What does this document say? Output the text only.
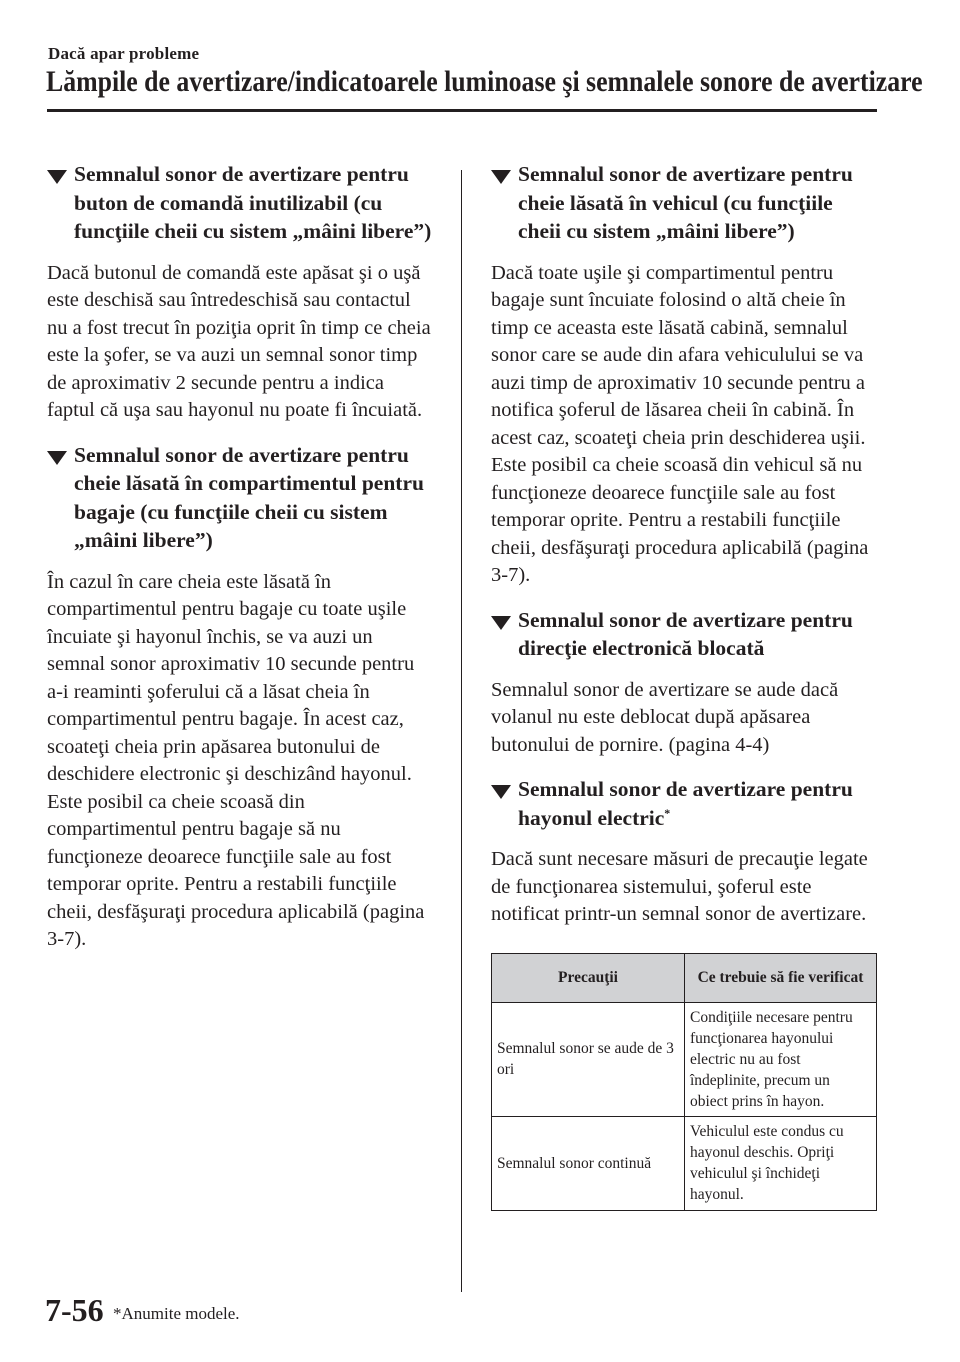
Dacă apar probleme
Lămpile de avertizare/indicatoarele luminoase şi semnalele sonore de avertizare
Semnalul sonor de avertizare pentru buton de comandă inutilizabil (cu funcţiile cheii cu sistem „mâini libere”)

Dacă butonul de comandă este apăsat şi o uşă este deschisă sau întredeschisă sau contactul nu a fost trecut în poziţia oprit în timp ce cheia este la şofer, se va auzi un semnal sonor timp de aproximativ 2 secunde pentru a indica faptul că uşa sau hayonul nu poate fi încuiată.

Semnalul sonor de avertizare pentru cheie lăsată în compartimentul pentru bagaje (cu funcţiile cheii cu sistem „mâini libere”)

În cazul în care cheia este lăsată în compartimentul pentru bagaje cu toate uşile încuiate şi hayonul închis, se va auzi un semnal sonor aproximativ 10 secunde pentru a-i reaminti şoferului că a lăsat cheia în compartimentul pentru bagaje. În acest caz, scoateţi cheia prin apăsarea butonului de deschidere electronic şi deschizând hayonul. Este posibil ca cheie scoasă din compartimentul pentru bagaje să nu funcţioneze deoarece funcţiile sale au fost temporar oprite. Pentru a restabili funcţiile cheii, desfăşuraţi procedura aplicabilă (pagina 3-7).

Semnalul sonor de avertizare pentru cheie lăsată în vehicul (cu funcţiile cheii cu sistem „mâini libere”)

Dacă toate uşile şi compartimentul pentru bagaje sunt încuiate folosind o altă cheie în timp ce aceasta este lăsată cabină, semnalul sonor care se aude din afara vehiculului se va auzi timp de aproximativ 10 secunde pentru a notifica şoferul de lăsarea cheii în cabină. În acest caz, scoateţi cheia prin deschiderea uşii. Este posibil ca cheie scoasă din vehicul să nu funcţioneze deoarece funcţiile sale au fost temporar oprite. Pentru a restabili funcţiile cheii, desfăşuraţi procedura aplicabilă (pagina 3-7).

Semnalul sonor de avertizare pentru direcţie electronică blocată

Semnalul sonor de avertizare se aude dacă volanul nu este deblocat după apăsarea butonului de pornire. (pagina 4-4)

Semnalul sonor de avertizare pentru hayonul electric*

Dacă sunt necesare măsuri de precauţie legate de funcţionarea sistemului, şoferul este notificat printr-un semnal sonor de avertizare.

Precauţii	Ce trebuie să fie verificat
Semnalul sonor se aude de 3 ori	Condiţiile necesare pentru funcţionarea hayonului electric nu au fost îndeplinite, precum un obiect prins în hayon.
Semnalul sonor continuă	Vehiculul este condus cu hayonul deschis. Opriţi vehiculul şi închideţi hayonul.
7-56 *Anumite modele.
